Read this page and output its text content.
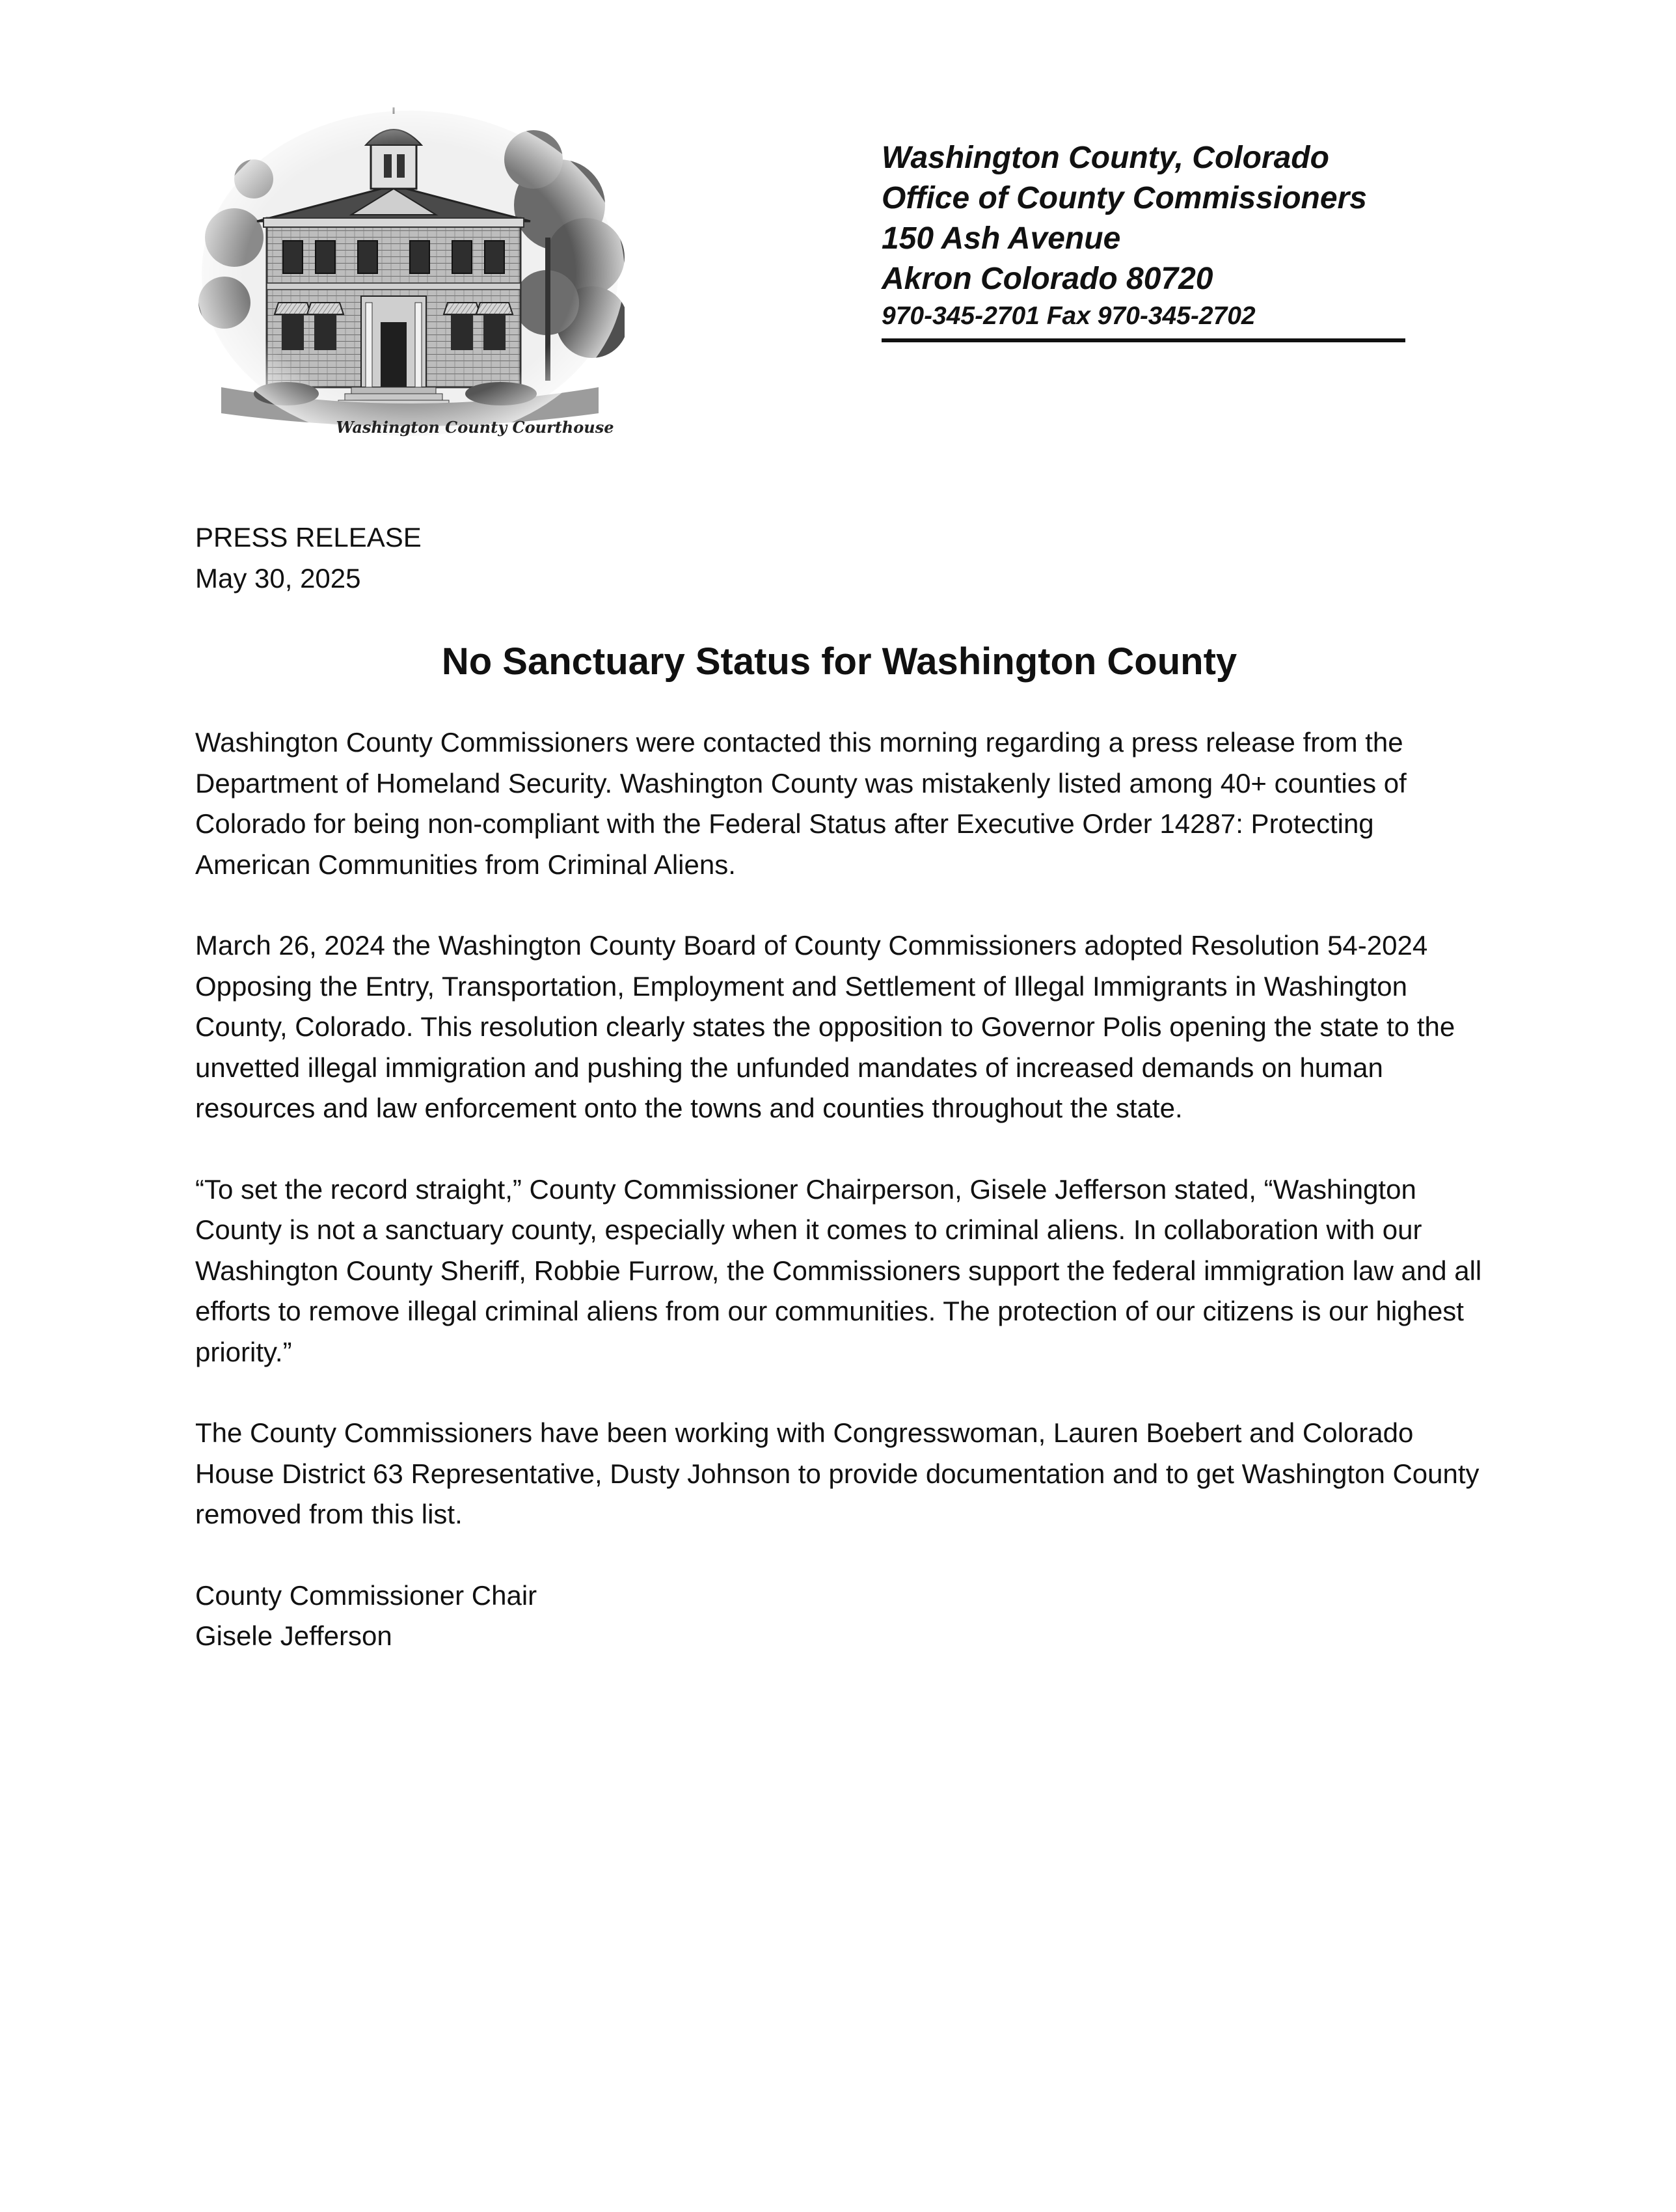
Washington County Courthouse
Washington County, Colorado
Office of County Commissioners
150 Ash Avenue
Akron Colorado 80720
970-345-2701 Fax 970-345-2702

PRESS RELEASE

May 30, 2025

No Sanctuary Status for Washington County

Washington County Commissioners were contacted this morning regarding a press release from the Department of Homeland Security. Washington County was mistakenly listed among 40+ counties of Colorado for being non-compliant with the Federal Status after Executive Order 14287: Protecting American Communities from Criminal Aliens.

March 26, 2024 the Washington County Board of County Commissioners adopted Resolution 54-2024 Opposing the Entry, Transportation, Employment and Settlement of Illegal Immigrants in Washington County, Colorado. This resolution clearly states the opposition to Governor Polis opening the state to the unvetted illegal immigration and pushing the unfunded mandates of increased demands on human resources and law enforcement onto the towns and counties throughout the state.

“To set the record straight,” County Commissioner Chairperson, Gisele Jefferson stated, “Washington County is not a sanctuary county, especially when it comes to criminal aliens. In collaboration with our Washington County Sheriff, Robbie Furrow, the Commissioners support the federal immigration law and all efforts to remove illegal criminal aliens from our communities. The protection of our citizens is our highest priority.”

The County Commissioners have been working with Congresswoman, Lauren Boebert and Colorado House District 63 Representative, Dusty Johnson to provide documentation and to get Washington County removed from this list.

County Commissioner Chair

Gisele Jefferson
